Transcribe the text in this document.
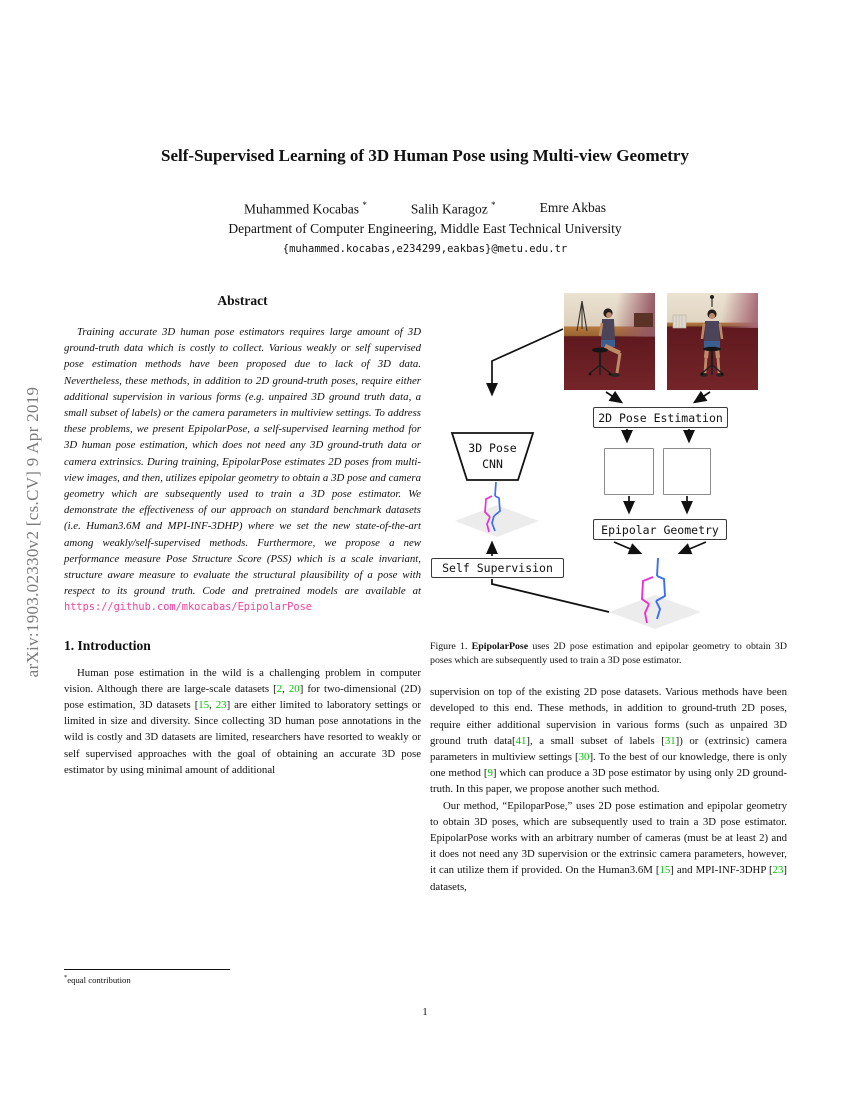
arXiv:1903.02330v2 [cs.CV] 9 Apr 2019
Self-Supervised Learning of 3D Human Pose using Multi-view Geometry
Muhammed Kocabas *	Salih Karagoz *	Emre Akbas
Department of Computer Engineering, Middle East Technical University
{muhammed.kocabas,e234299,eakbas}@metu.edu.tr
Abstract

Training accurate 3D human pose estimators requires large amount of 3D ground-truth data which is costly to collect. Various weakly or self supervised pose estimation methods have been proposed due to lack of 3D data. Nevertheless, these methods, in addition to 2D ground-truth poses, require either additional supervision in various forms (e.g. unpaired 3D ground truth data, a small subset of labels) or the camera parameters in multiview settings. To address these problems, we present EpipolarPose, a self-supervised learning method for 3D human pose estimation, which does not need any 3D ground-truth data or camera extrinsics. During training, EpipolarPose estimates 2D poses from multi-view images, and then, utilizes epipolar geometry to obtain a 3D pose and camera geometry which are subsequently used to train a 3D pose estimator. We demonstrate the effectiveness of our approach on standard benchmark datasets (i.e. Human3.6M and MPI-INF-3DHP) where we set the new state-of-the-art among weakly/self-supervised methods. Furthermore, we propose a new performance measure Pose Structure Score (PSS) which is a scale invariant, structure aware measure to evaluate the structural plausibility of a pose with respect to its ground truth. Code and pretrained models are available at https://github.com/mkocabas/EpipolarPose

1. Introduction

Human pose estimation in the wild is a challenging problem in computer vision. Although there are large-scale datasets [2, 20] for two-dimensional (2D) pose estimation, 3D datasets [15, 23] are either limited to laboratory settings or limited in size and diversity. Since collecting 3D human pose annotations in the wild is costly and 3D datasets are limited, researchers have resorted to weakly or self supervised approaches with the goal of obtaining an accurate 3D pose estimator by using minimal amount of additional

*equal contribution
2D Pose Estimation
Epipolar Geometry
Self Supervision
3D Pose
CNN

Figure 1. EpipolarPose uses 2D pose estimation and epipolar geometry to obtain 3D poses which are subsequently used to train a 3D pose estimator.

supervision on top of the existing 2D pose datasets. Various methods have been developed to this end. These methods, in addition to ground-truth 2D poses, require either additional supervision in various forms (such as unpaired 3D ground truth data[41], a small subset of labels [31]) or (extrinsic) camera parameters in multiview settings [30]. To the best of our knowledge, there is only one method [9] which can produce a 3D pose estimator by using only 2D ground-truth. In this paper, we propose another such method.

Our method, “EpiloparPose,” uses 2D pose estimation and epipolar geometry to obtain 3D poses, which are subsequently used to train a 3D pose estimator. EpipolarPose works with an arbitrary number of cameras (must be at least 2) and it does not need any 3D supervision or the extrinsic camera parameters, however, it can utilize them if provided. On the Human3.6M [15] and MPI-INF-3DHP [23] datasets,

1
